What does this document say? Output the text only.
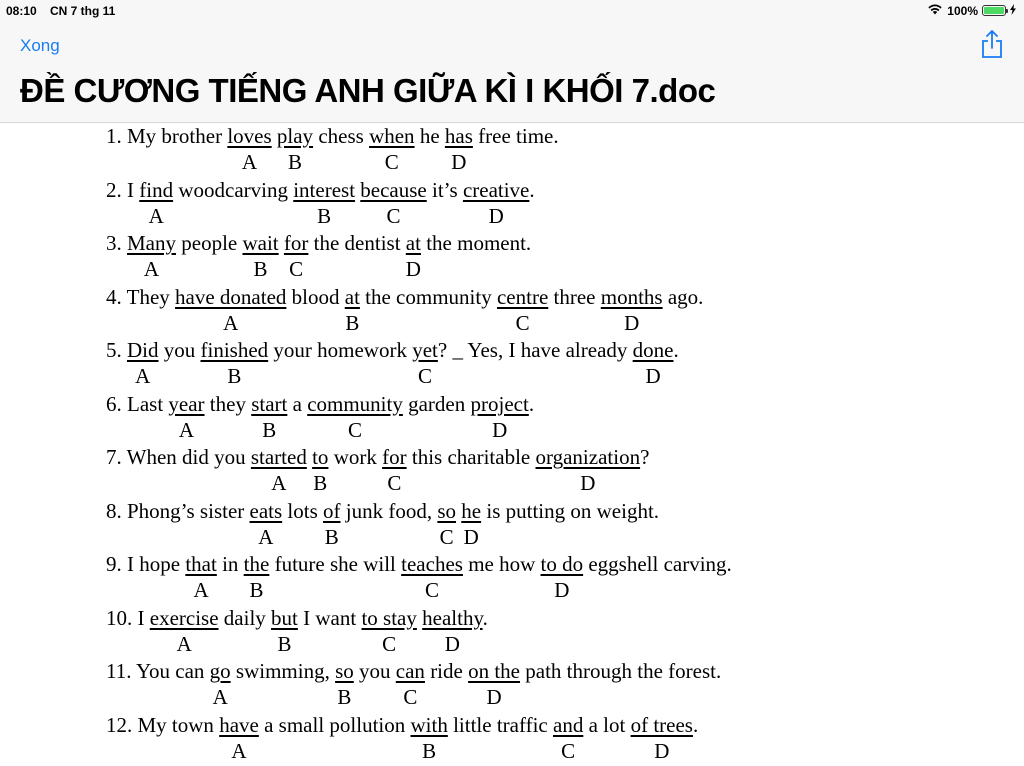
08:10 CN 7 thg 11	100%
Xong
ĐỀ CƯƠNG TIẾNG ANH GIỮA KÌ I KHỐI 7.doc
1. My brother loves play chess when he has free time.
A B	C D
2. I find woodcarving interest because it’s creative.
A	B	C	D
3. Many people wait for the dentist at the moment.
A	B C	D
4. They have donated blood at the community centre three months ago.
A	B	C	D
5. Did you finished your homework yet? _ Yes, I have already done.
A	B	C	D
6. Last year they start a community garden project.
A	B	C	D
7. When did you started to work for this charitable organization?
A B	C	D
8. Phong’s sister eats lots of junk food, so he is putting on weight.
A B	C D
9. I hope that in the future she will teaches me how to do eggshell carving.
A B	C	D
10. I exercise daily but I want to stay healthy.
A	B	C D
11. You can go swimming, so you can ride on the path through the forest.
A	B C	D
12. My town have a small pollution with little traffic and a lot of trees.
A	B	C	D
